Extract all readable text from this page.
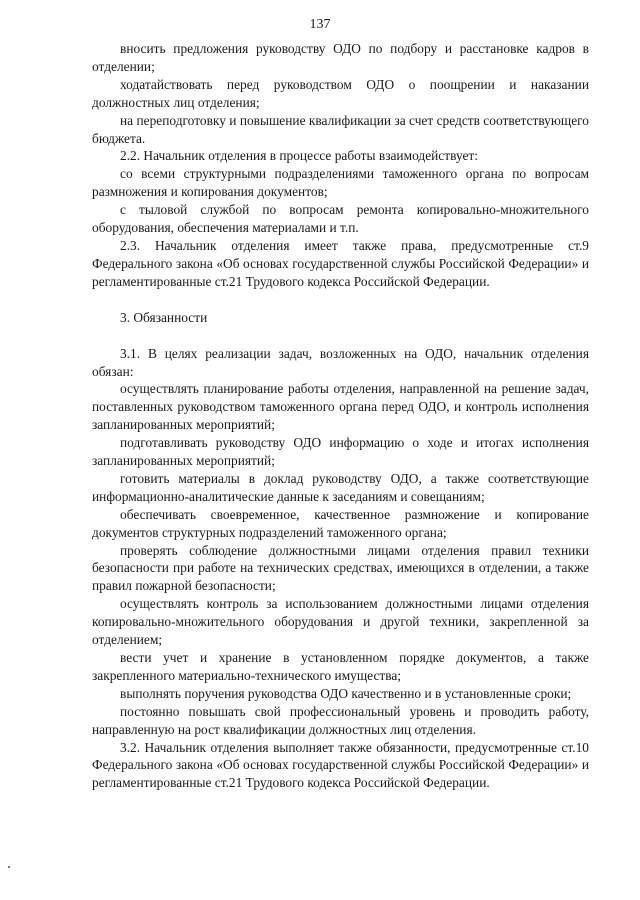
137

вносить предложения руководству ОДО по подбору и расстановке кадров в отделении;

ходатайствовать перед руководством ОДО о поощрении и наказании должностных лиц отделения;

на переподготовку и повышение квалификации за счет средств соответствующего бюджета.

2.2. Начальник отделения в процессе работы взаимодействует:

со всеми структурными подразделениями таможенного органа по вопросам размножения и копирования документов;

с тыловой службой по вопросам ремонта копировально-множительного оборудования, обеспечения материалами и т.п.

2.3. Начальник отделения имеет также права, предусмотренные ст.9 Федерального закона «Об основах государственной службы Российской Федерации» и регламентированные ст.21 Трудового кодекса Российской Федерации.

3. Обязанности

3.1. В целях реализации задач, возложенных на ОДО, начальник отделения обязан:

осуществлять планирование работы отделения, направленной на решение задач, поставленных руководством таможенного органа перед ОДО, и контроль исполнения запланированных мероприятий;

подготавливать руководству ОДО информацию о ходе и итогах исполнения запланированных мероприятий;

готовить материалы в доклад руководству ОДО, а также соответствующие информационно-аналитические данные к заседаниям и совещаниям;

обеспечивать своевременное, качественное размножение и копирование документов структурных подразделений таможенного органа;

проверять соблюдение должностными лицами отделения правил техники безопасности при работе на технических средствах, имеющихся в отделении, а также правил пожарной безопасности;

осуществлять контроль за использованием должностными лицами отделения копировально-множительного оборудования и другой техники, закрепленной за отделением;

вести учет и хранение в установленном порядке документов, а также закрепленного материально-технического имущества;

выполнять поручения руководства ОДО качественно и в установленные сроки;

постоянно повышать свой профессиональный уровень и проводить работу, направленную на рост квалификации должностных лиц отделения.

3.2. Начальник отделения выполняет также обязанности, предусмотренные ст.10 Федерального закона «Об основах государственной службы Российской Федерации» и регламентированные ст.21 Трудового кодекса Российской Федерации.
